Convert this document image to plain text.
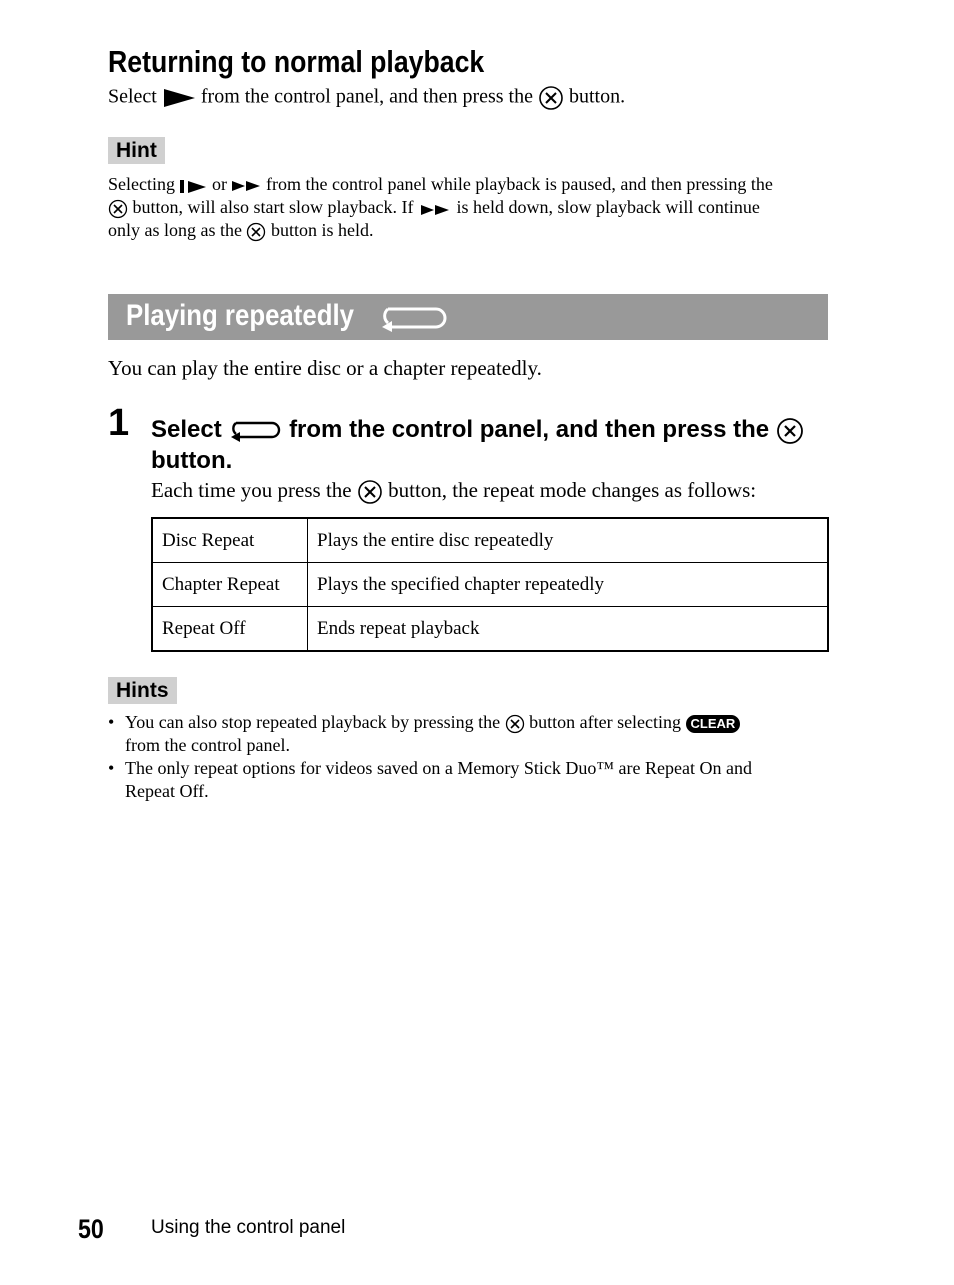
Returning to normal playback
Select from the control panel, and then press the button.
Hint
Selecting or from the control panel while playback is paused, and then pressing the
button, will also start slow playback. If is held down, slow playback will continue
only as long as the button is held.
Playing repeatedly
You can play the entire disc or a chapter repeatedly.
1 Select	from the control panel, and then press the
button.
Each time you press the button, the repeat mode changes as follows:
Disc Repeat	Plays the entire disc repeatedly
Chapter Repeat	Plays the specified chapter repeatedly
Repeat Off	Ends repeat playback
Hints
• You can also stop repeated playback by pressing the button after selecting CLEAR
from the control panel.
• The only repeat options for videos saved on a Memory Stick Duo™ are Repeat On and
Repeat Off.
50 Using the control panel
